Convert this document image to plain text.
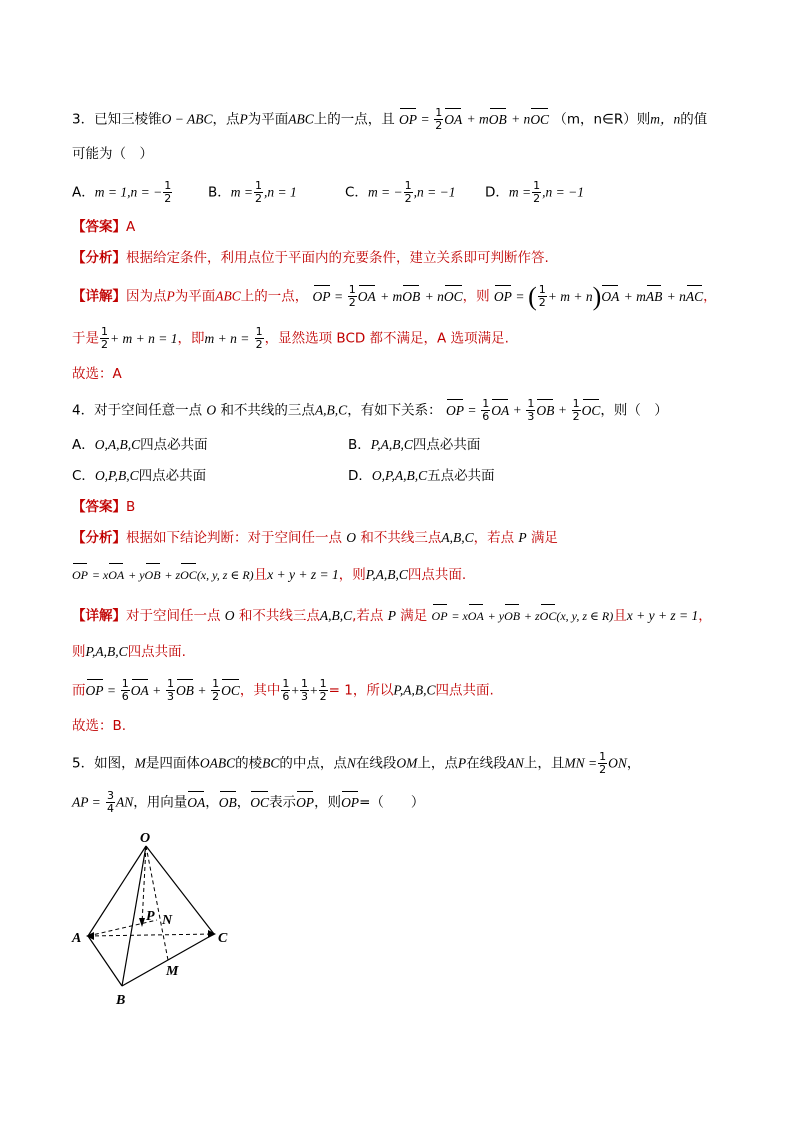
3．已知三棱锥O − ABC，点P为平面ABC上的一点，且 OP = $\frac{1}{2}$ OA + mOB + nOC （m，n∈R）则m，n的值
可能为（　）
A．m = 1,n = − $\frac{1}{2}$	B．$m = \frac{1}{2} ,n = 1$	C．m = − $\frac{1}{2} ,n = -1$ D．$m = \frac{1}{2} ,n = -1$
【答案】A
【分析】根据给定条件，利用点位于平面内的充要条件，建立关系即可判断作答.
【详解】因为点P为平面ABC上的一点， OP = $\frac{1}{2}$ OA + mOB + nOC，则 OP = ( $\frac{1}{2} + m + n)OA$ + mAB + nAC，
于是 $\frac{1}{2} + m + n = 1$，即$m + n = \frac{1}{2}$ ，显然选项 BCD 都不满足，A 选项满足.
故选：A
4．对于空间任意一点 O 和不共线的三点A,B,C，有如下关系： OP = $\frac{1}{6}$ OA + $\frac{1}{3}$ OB + $\frac{1}{2}$ OC，则（　）
A．O,A,B,C四点必共面	B．P,A,B,C四点必共面
C．O,P,B,C四点必共面	D．O,P,A,B,C五点必共面
【答案】B
【分析】根据如下结论判断：对于空间任一点 O 和不共线三点A,B,C，若点 P 满足
OP = xOA + yOB + zOC(x, y, z ∈ R)且x + y + z = 1，则P,A,B,C四点共面.
【详解】对于空间任一点 O 和不共线三点A,B,C,若点 P 满足 OP = xOA + yOB + zOC(x, y, z ∈ R)且x + y + z = 1，
则P,A,B,C四点共面.
而OP = $\frac{1}{6}$ OA + $\frac{1}{3}$ OB + $\frac{1}{2}$ OC，其中 $\frac{1}{6} + \frac{1}{3} + \frac{1}{2} = 1$，所以P,A,B,C四点共面.
故选：B.
5．如图，M是四面体OABC的棱BC的中点，点N在线段OM上，点P在线段AN上，且MN = $\frac{1}{2}$ ON，
AP = $\frac{3}{4}$ AN，用向量OA，OB，OC表示OP，则OP=（　　）
O
A
B
C
M
N
P
